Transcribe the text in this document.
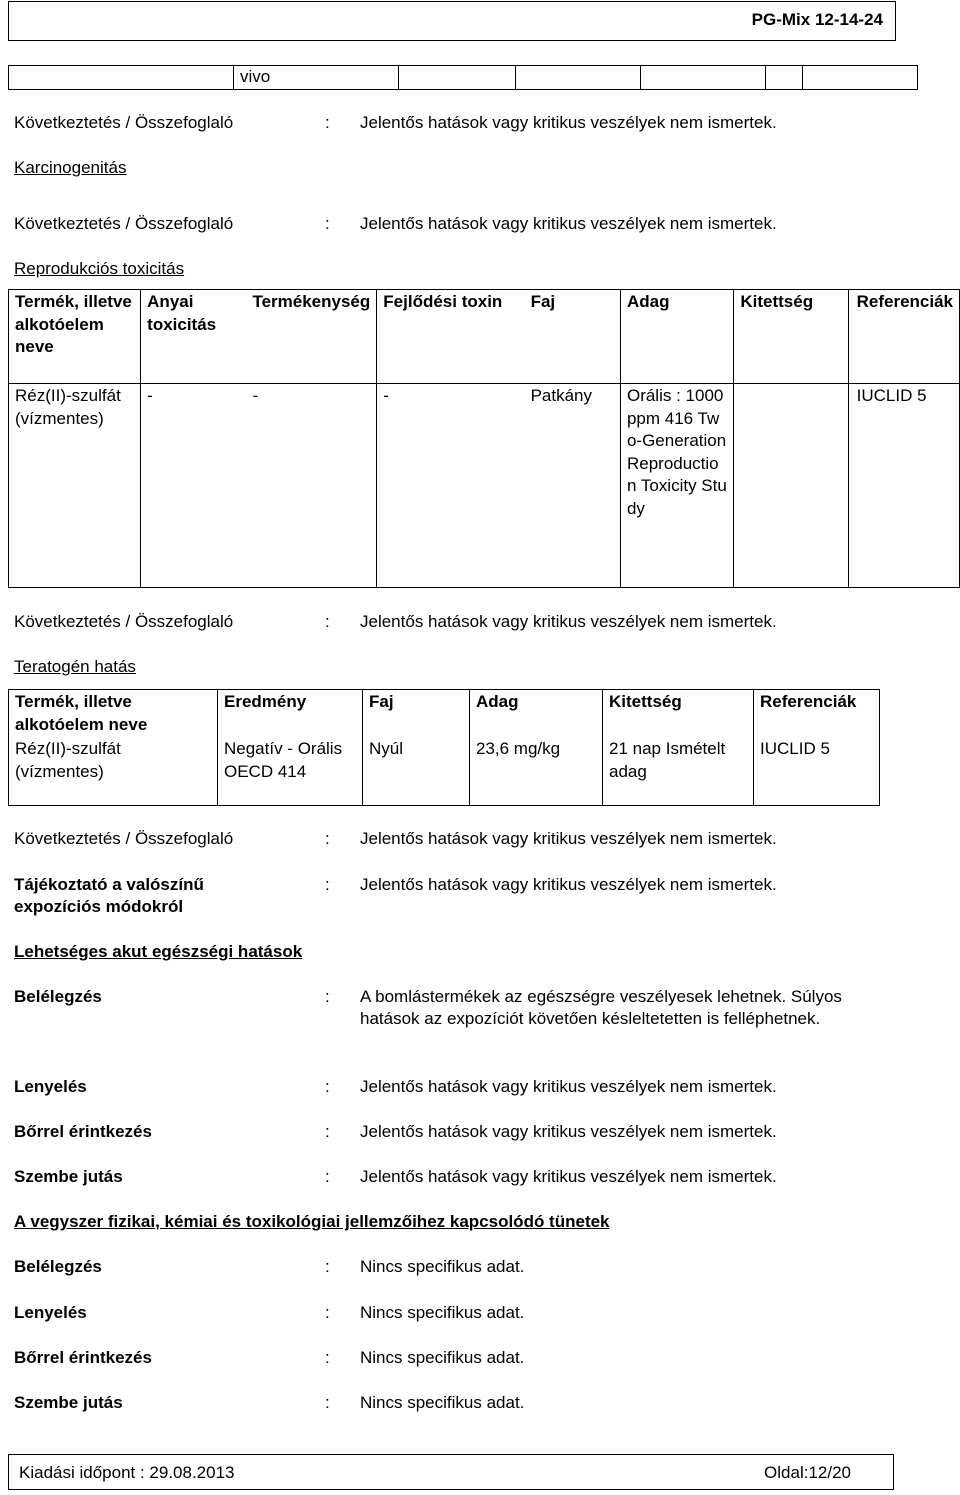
PG-Mix 12-14-24
	vivo					
Következtetés / Összefoglaló	: Jelentős hatások vagy kritikus veszélyek nem ismertek.
Karcinogenitás
Következtetés / Összefoglaló	: Jelentős hatások vagy kritikus veszélyek nem ismertek.
Reprodukciós toxicitás
Termék, illetve alkotóelem neve	Anyai toxicitás	Termékenység	Fejlődési toxin	Faj	Adag	Kitettség	Referenciák
Réz(II)-szulfát (vízmentes)	-	-	-	Patkány	Orális : 1000 ppm 416 Two-Generation Reproduction Toxicity Study		IUCLID 5
Következtetés / Összefoglaló	: Jelentős hatások vagy kritikus veszélyek nem ismertek.
Teratogén hatás
Termék, illetve alkotóelem neve	Eredmény	Faj	Adag	Kitettség	Referenciák
Réz(II)-szulfát (vízmentes)	Negatív - Orális OECD 414	Nyúl	23,6 mg/kg	21 nap Ismételt adag	IUCLID 5
Következtetés / Összefoglaló	: Jelentős hatások vagy kritikus veszélyek nem ismertek.
Tájékoztató a valószínű expozíciós módokról
: Jelentős hatások vagy kritikus veszélyek nem ismertek.
Lehetséges akut egészségi hatások
Belélegzés	: A bomlástermékek az egészségre veszélyesek lehetnek. Súlyos hatások az expozíciót követően késleltetetten is felléphetnek.
Lenyelés	: Jelentős hatások vagy kritikus veszélyek nem ismertek.
Bőrrel érintkezés	: Jelentős hatások vagy kritikus veszélyek nem ismertek.
Szembe jutás	: Jelentős hatások vagy kritikus veszélyek nem ismertek.
A vegyszer fizikai, kémiai és toxikológiai jellemzőihez kapcsolódó tünetek
Belélegzés	: Nincs specifikus adat.
Lenyelés	: Nincs specifikus adat.
Bőrrel érintkezés	: Nincs specifikus adat.
Szembe jutás	: Nincs specifikus adat.
Kiadási időpont : 29.08.2013	Oldal:12/20
